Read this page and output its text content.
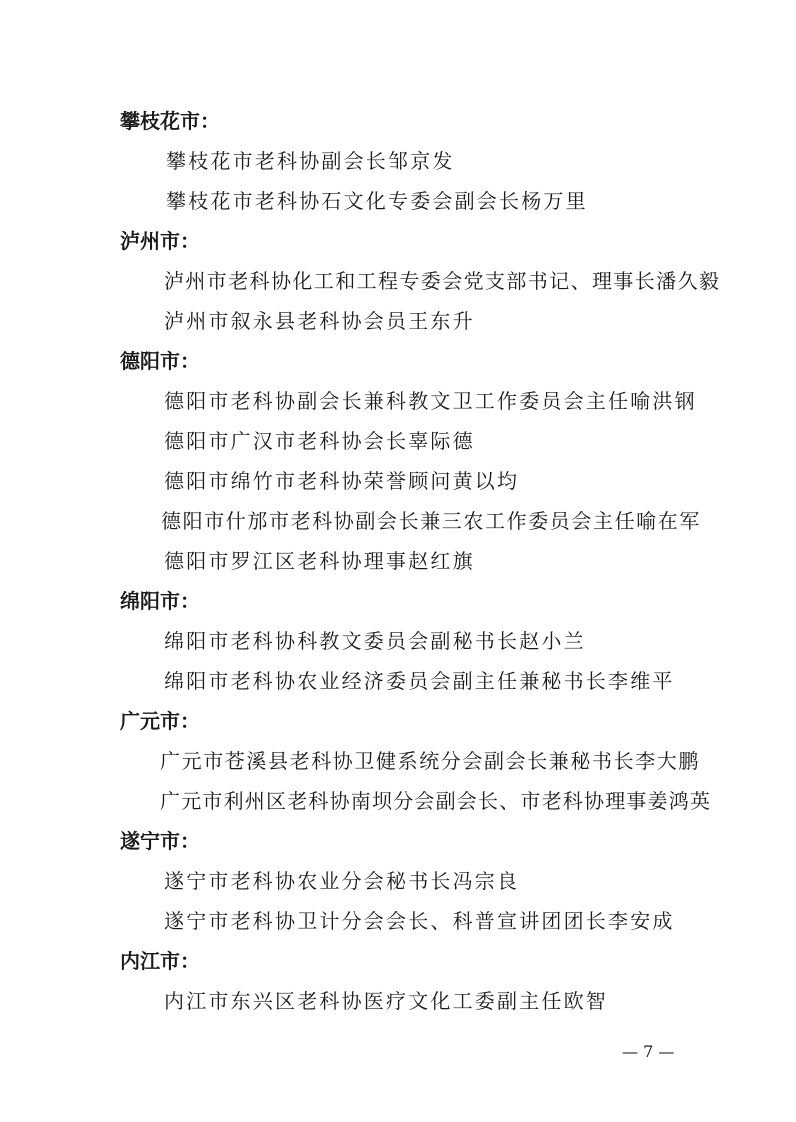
攀枝花市：
攀枝花市老科协副会长邹京发
攀枝花市老科协石文化专委会副会长杨万里
泸州市：
泸州市老科协化工和工程专委会党支部书记、理事长潘久毅
泸州市叙永县老科协会员王东升
德阳市：
德阳市老科协副会长兼科教文卫工作委员会主任喻洪钢
德阳市广汉市老科协会长辜际德
德阳市绵竹市老科协荣誉顾问黄以均
德阳市什邡市老科协副会长兼三农工作委员会主任喻在军
德阳市罗江区老科协理事赵红旗
绵阳市：
绵阳市老科协科教文委员会副秘书长赵小兰
绵阳市老科协农业经济委员会副主任兼秘书长李维平
广元市：
广元市苍溪县老科协卫健系统分会副会长兼秘书长李大鹏
广元市利州区老科协南坝分会副会长、市老科协理事姜鸿英
遂宁市：
遂宁市老科协农业分会秘书长冯宗良
遂宁市老科协卫计分会会长、科普宣讲团团长李安成
内江市：
内江市东兴区老科协医疗文化工委副主任欧智
— 7 —
